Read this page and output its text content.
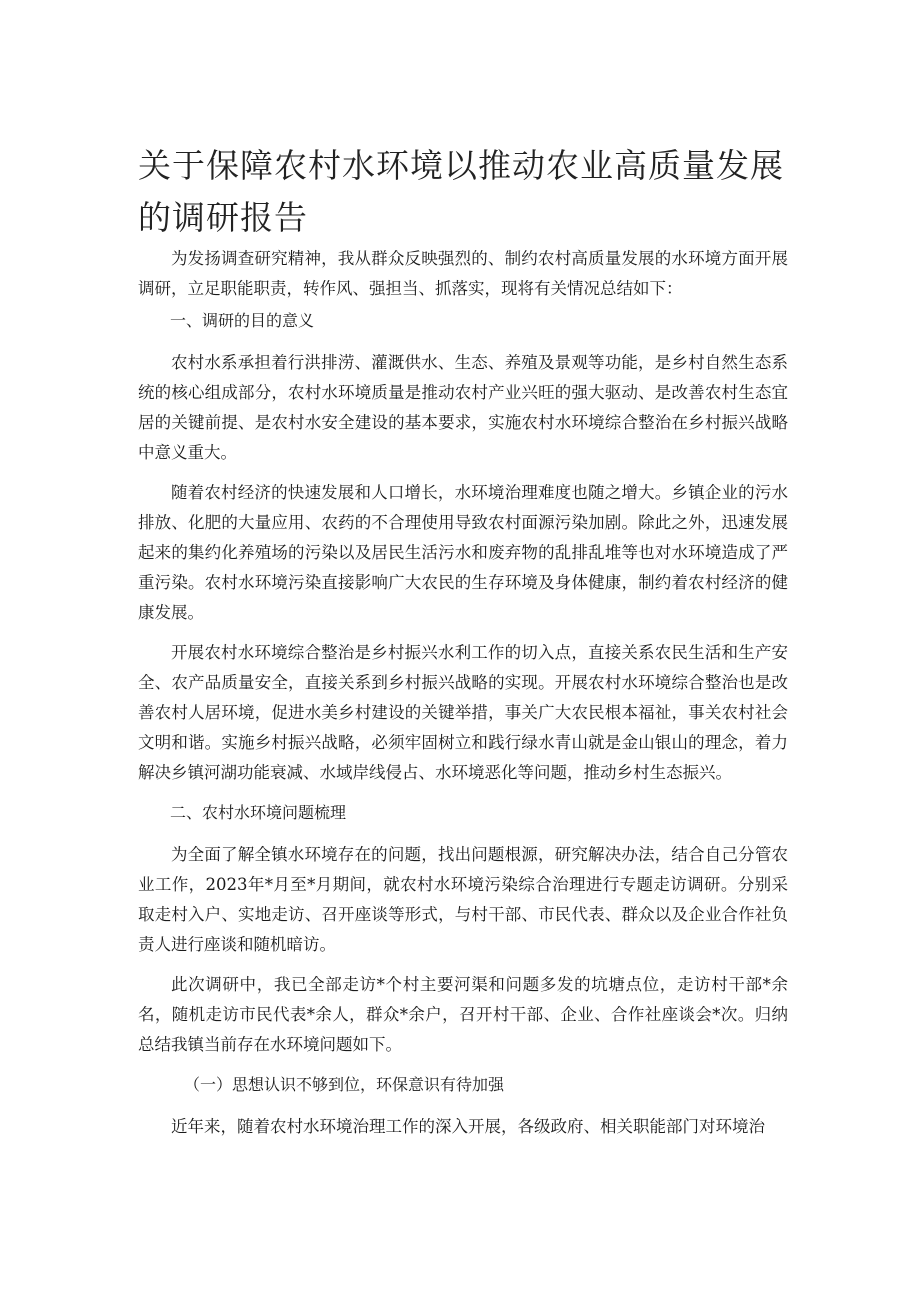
关于保障农村水环境以推动农业高质量发展的调研报告

为发扬调查研究精神，我从群众反映强烈的、制约农村高质量发展的水环境方面开展调研，立足职能职责，转作风、强担当、抓落实，现将有关情况总结如下：

一、调研的目的意义

农村水系承担着行洪排涝、灌溉供水、生态、养殖及景观等功能，是乡村自然生态系统的核心组成部分，农村水环境质量是推动农村产业兴旺的强大驱动、是改善农村生态宜居的关键前提、是农村水安全建设的基本要求，实施农村水环境综合整治在乡村振兴战略中意义重大。

随着农村经济的快速发展和人口增长，水环境治理难度也随之增大。乡镇企业的污水排放、化肥的大量应用、农药的不合理使用导致农村面源污染加剧。除此之外，迅速发展起来的集约化养殖场的污染以及居民生活污水和废弃物的乱排乱堆等也对水环境造成了严重污染。农村水环境污染直接影响广大农民的生存环境及身体健康，制约着农村经济的健康发展。

开展农村水环境综合整治是乡村振兴水利工作的切入点，直接关系农民生活和生产安全、农产品质量安全，直接关系到乡村振兴战略的实现。开展农村水环境综合整治也是改善农村人居环境，促进水美乡村建设的关键举措，事关广大农民根本福祉，事关农村社会文明和谐。实施乡村振兴战略，必须牢固树立和践行绿水青山就是金山银山的理念，着力解决乡镇河湖功能衰减、水域岸线侵占、水环境恶化等问题，推动乡村生态振兴。

二、农村水环境问题梳理

为全面了解全镇水环境存在的问题，找出问题根源，研究解决办法，结合自己分管农业工作，2023年*月至*月期间，就农村水环境污染综合治理进行专题走访调研。分别采取走村入户、实地走访、召开座谈等形式，与村干部、市民代表、群众以及企业合作社负责人进行座谈和随机暗访。

此次调研中，我已全部走访*个村主要河渠和问题多发的坑塘点位，走访村干部*余名，随机走访市民代表*余人，群众*余户，召开村干部、企业、合作社座谈会*次。归纳总结我镇当前存在水环境问题如下。

（一）思想认识不够到位，环保意识有待加强

近年来，随着农村水环境治理工作的深入开展，各级政府、相关职能部门对环境治
